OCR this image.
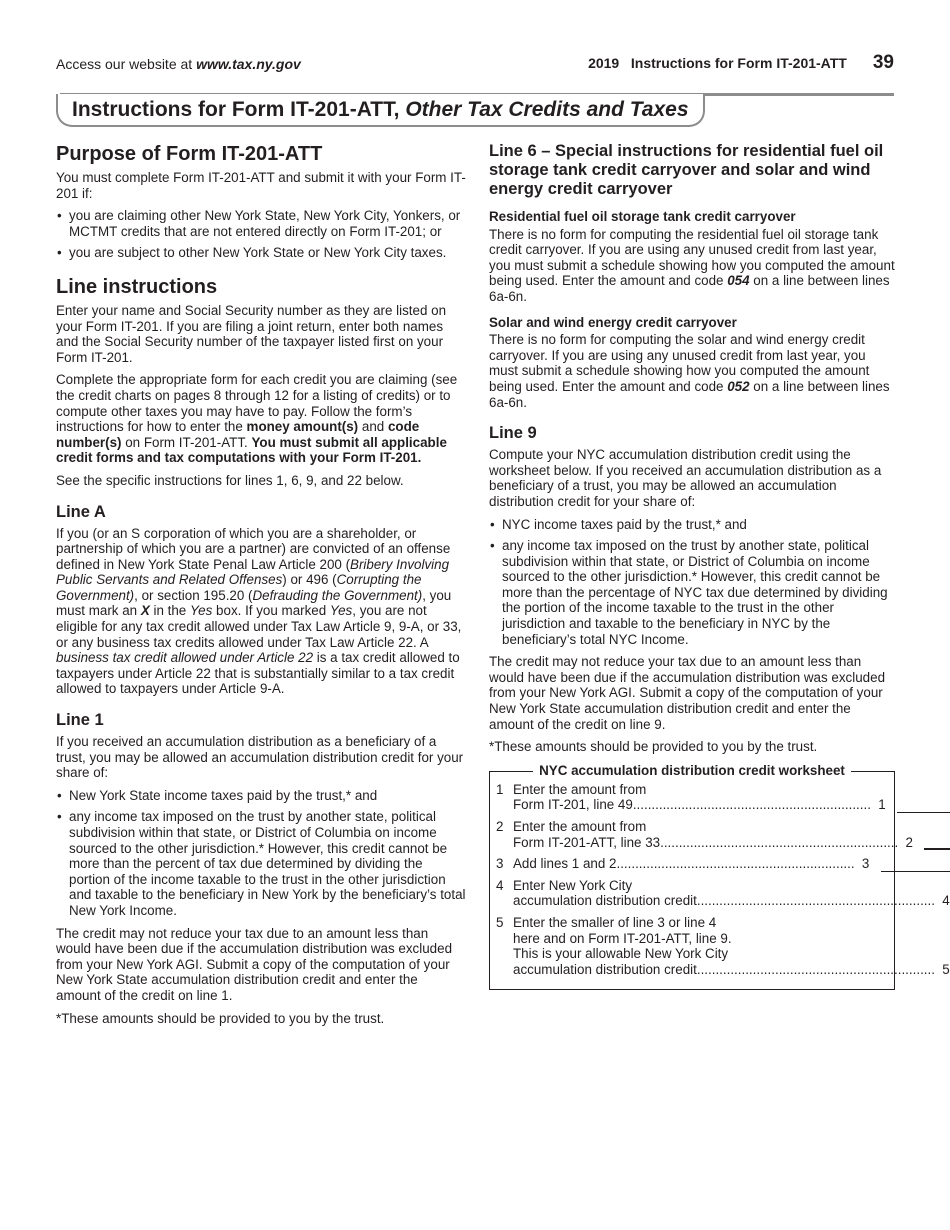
Access our website at www.tax.ny.gov	2019   Instructions for Form IT-201-ATT 39
Instructions for Form IT-201-ATT, Other Tax Credits and Taxes
Purpose of Form IT-201-ATT

You must complete Form IT-201-ATT and submit it with your Form IT-201 if:

• you are claiming other New York State, New York City, Yonkers, or MCTMT credits that are not entered directly on Form IT-201; or
• you are subject to other New York State or New York City taxes.
Line instructions

Enter your name and Social Security number as they are listed on your Form IT-201. If you are filing a joint return, enter both names and the Social Security number of the taxpayer listed first on your Form IT-201.

Complete the appropriate form for each credit you are claiming (see the credit charts on pages 8 through 12 for a listing of credits) or to compute other taxes you may have to pay. Follow the form’s instructions for how to enter the money amount(s) and code number(s) on Form IT-201-ATT. You must submit all applicable credit forms and tax computations with your Form IT-201.

See the specific instructions for lines 1, 6, 9, and 22 below.

Line A

If you (or an S corporation of which you are a shareholder, or partnership of which you are a partner) are convicted of an offense defined in New York State Penal Law Article 200 (Bribery Involving Public Servants and Related Offenses) or 496 (Corrupting the Government), or section 195.20 (Defrauding the Government), you must mark an X in the Yes box. If you marked Yes, you are not eligible for any tax credit allowed under Tax Law Article 9, 9-A, or 33, or any business tax credits allowed under Tax Law Article 22. A business tax credit allowed under Article 22 is a tax credit allowed to taxpayers under Article 22 that is substantially similar to a tax credit allowed to taxpayers under Article 9-A.

Line 1

If you received an accumulation distribution as a beneficiary of a trust, you may be allowed an accumulation distribution credit for your share of:

• New York State income taxes paid by the trust,* and
• any income tax imposed on the trust by another state, political subdivision within that state, or District of Columbia on income sourced to the other jurisdiction.* However, this credit cannot be more than the percent of tax due determined by dividing the portion of the income taxable to the trust in the other jurisdiction and taxable to the beneficiary in New York by the beneficiary’s total New York Income.

The credit may not reduce your tax due to an amount less than would have been due if the accumulation distribution was excluded from your New York AGI. Submit a copy of the computation of your New York State accumulation distribution credit and enter the amount of the credit on line 1.

*These amounts should be provided to you by the trust.

Line 6 – Special instructions for residential fuel oil storage tank credit carryover and solar and wind energy credit carryover
Residential fuel oil storage tank credit carryover

There is no form for computing the residential fuel oil storage tank credit carryover. If you are using any unused credit from last year, you must submit a schedule showing how you computed the amount being used. Enter the amount and code 054 on a line between lines 6a-6n.

Solar and wind energy credit carryover

There is no form for computing the solar and wind energy credit carryover. If you are using any unused credit from last year, you must submit a schedule showing how you computed the amount being used. Enter the amount and code 052 on a line between lines 6a-6n.

Line 9

Compute your NYC accumulation distribution credit using the worksheet below. If you received an accumulation distribution as a beneficiary of a trust, you may be allowed an accumulation distribution credit for your share of:

• NYC income taxes paid by the trust,* and
• any income tax imposed on the trust by another state, political subdivision within that state, or District of Columbia on income sourced to the other jurisdiction.* However, this credit cannot be more than the percentage of NYC tax due determined by dividing the portion of the income taxable to the trust in the other jurisdiction and taxable to the beneficiary in NYC by the beneficiary’s total NYC Income.

The credit may not reduce your tax due to an amount less than would have been due if the accumulation distribution was excluded from your New York AGI. Submit a copy of the computation of your New York State accumulation distribution credit and enter the amount of the credit on line 9.

*These amounts should be provided to you by the trust.

NYC accumulation distribution credit worksheet
1 Enter the amount from
Form IT-201, line 49 ................................................................ 1
2 Enter the amount from
Form IT-201-ATT, line 33 ................................................................ 2
3 Add lines 1 and 2 ................................................................ 3
4 Enter New York City
accumulation distribution credit ................................................................ 4
5 Enter the smaller of line 3 or line 4
here and on Form IT-201-ATT, line 9.
This is your allowable New York City
accumulation distribution credit ................................................................ 5
